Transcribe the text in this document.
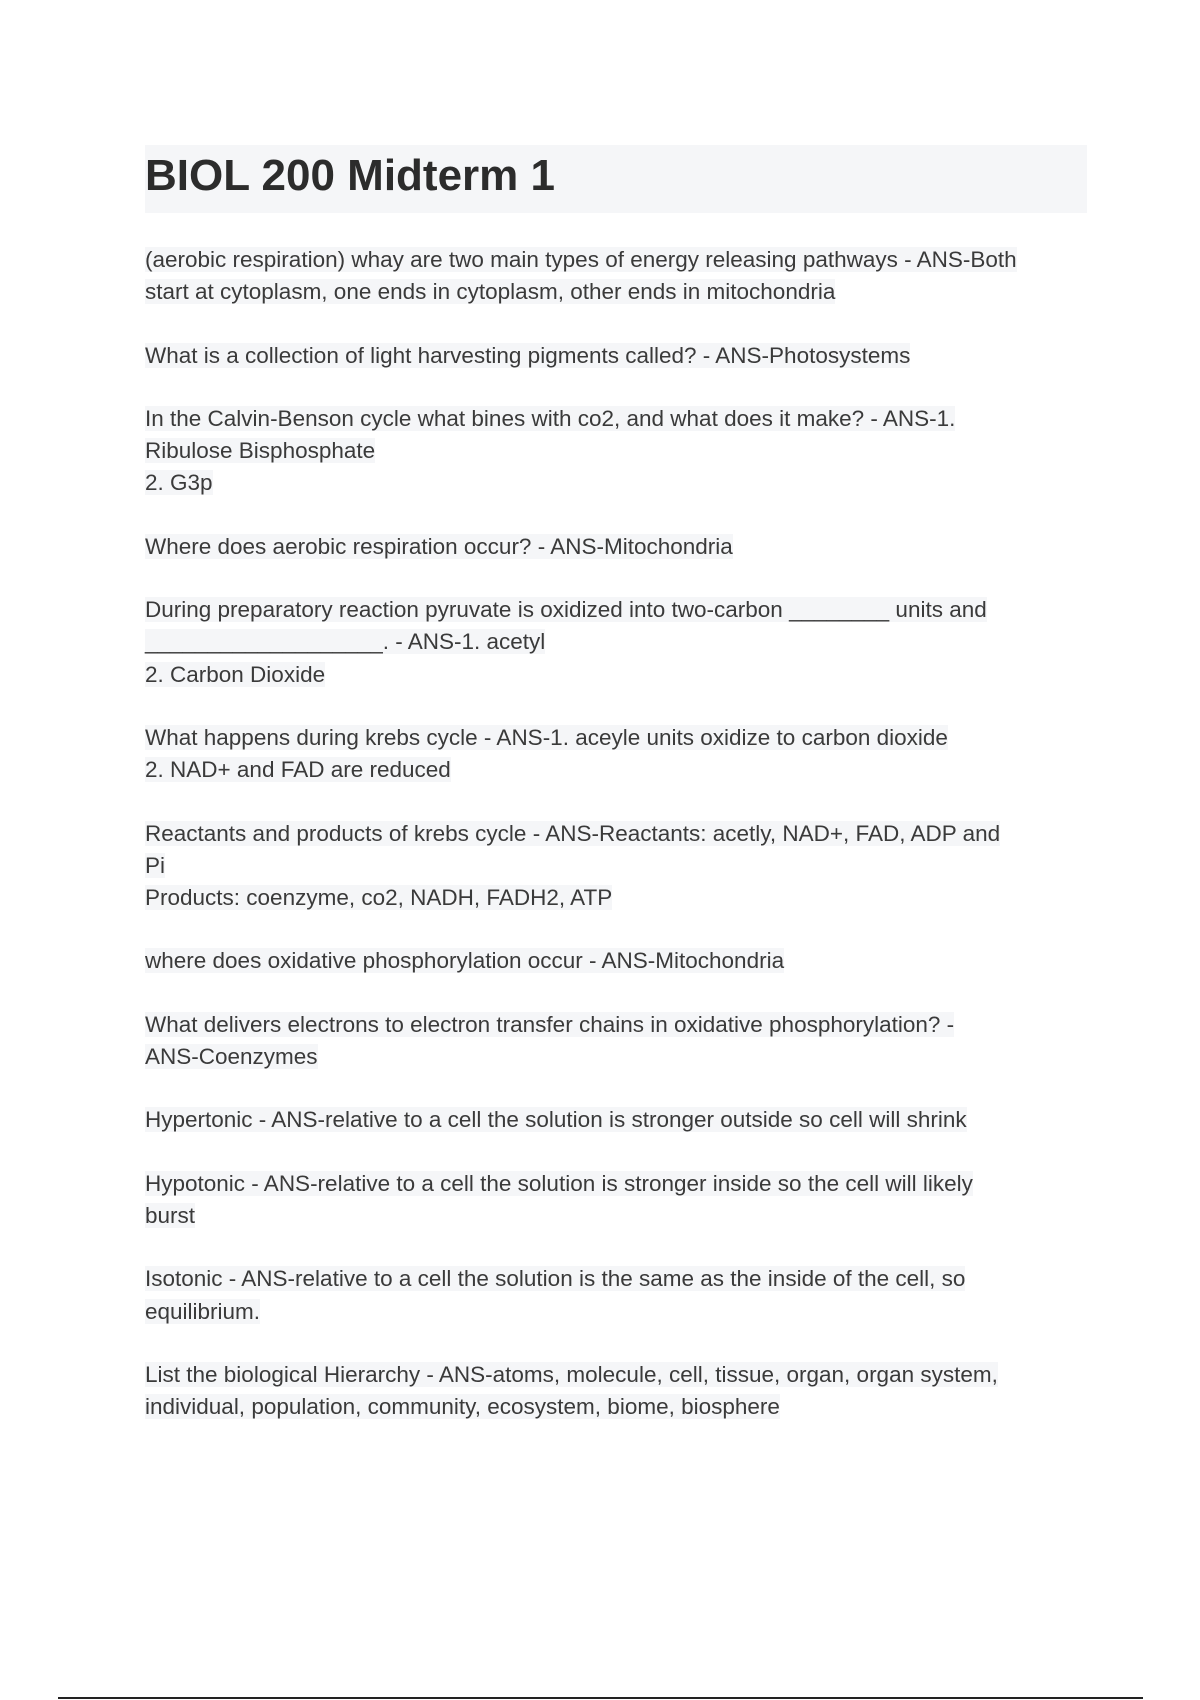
BIOL 200 Midterm 1
(aerobic respiration) whay are two main types of energy releasing pathways - ANS-Both
start at cytoplasm, one ends in cytoplasm, other ends in mitochondria
What is a collection of light harvesting pigments called? - ANS-Photosystems
In the Calvin-Benson cycle what bines with co2, and what does it make? - ANS-1.
Ribulose Bisphosphate
2. G3p
Where does aerobic respiration occur? - ANS-Mitochondria
During preparatory reaction pyruvate is oxidized into two-carbon ________ units and
___________________. - ANS-1. acetyl
2. Carbon Dioxide
What happens during krebs cycle - ANS-1. aceyle units oxidize to carbon dioxide
2. NAD+ and FAD are reduced
Reactants and products of krebs cycle - ANS-Reactants: acetly, NAD+, FAD, ADP and
Pi
Products: coenzyme, co2, NADH, FADH2, ATP
where does oxidative phosphorylation occur - ANS-Mitochondria
What delivers electrons to electron transfer chains in oxidative phosphorylation? -
ANS-Coenzymes
Hypertonic - ANS-relative to a cell the solution is stronger outside so cell will shrink
Hypotonic - ANS-relative to a cell the solution is stronger inside so the cell will likely
burst
Isotonic - ANS-relative to a cell the solution is the same as the inside of the cell, so
equilibrium.
List the biological Hierarchy - ANS-atoms, molecule, cell, tissue, organ, organ system,
individual, population, community, ecosystem, biome, biosphere
